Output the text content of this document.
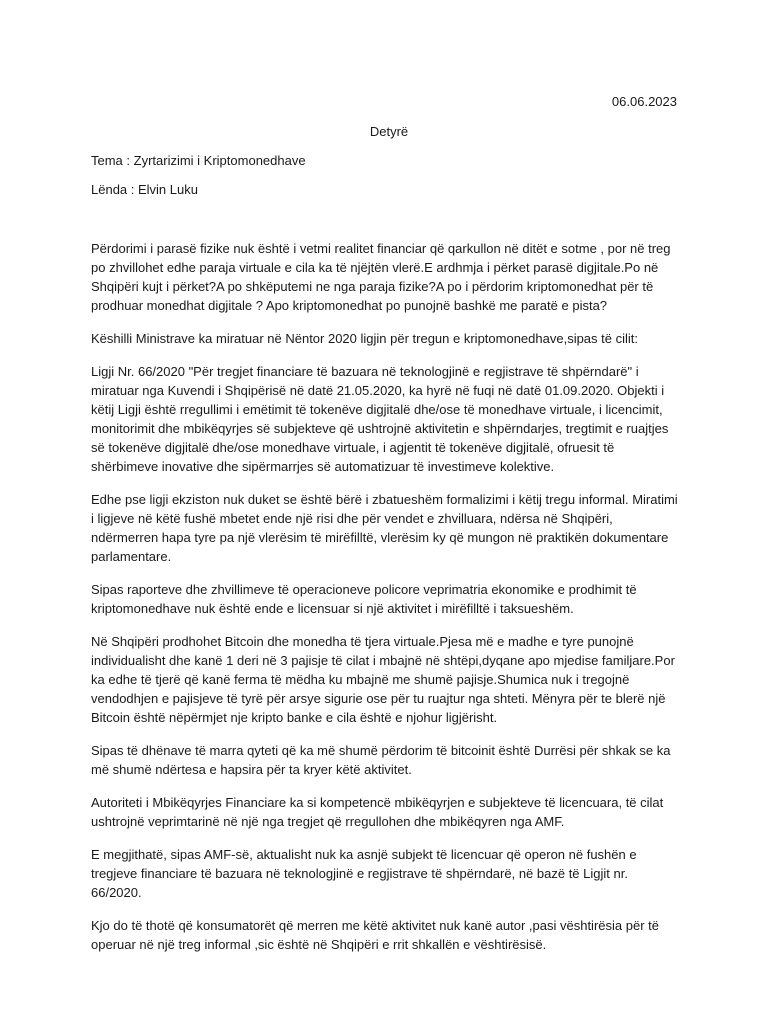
06.06.2023
Detyrë
Tema : Zyrtarizimi i Kriptomonedhave
Lënda : Elvin Luku

Përdorimi i parasë fizike nuk është i vetmi realitet financiar që qarkullon në ditët e sotme , por në treg po zhvillohet edhe paraja virtuale e cila ka të njëjtën vlerë.E ardhmja i përket parasë digjitale.Po në Shqipëri kujt i përket?A po shkëputemi ne nga paraja fizike?A po i përdorim kriptomonedhat për të prodhuar monedhat digjitale ? Apo kriptomonedhat po punojnë bashkë me paratë e pista?

Këshilli Ministrave ka miratuar në Nëntor 2020 ligjin për tregun e kriptomonedhave,sipas të cilit:

Ligji Nr. 66/2020 "Për tregjet financiare të bazuara në teknologjinë e regjistrave të shpërndarë" i miratuar nga Kuvendi i Shqipërisë në datë 21.05.2020, ka hyrë në fuqi në datë 01.09.2020. Objekti i këtij Ligji është rregullimi i emëtimit të tokenëve digjitalë dhe/ose të monedhave virtuale, i licencimit, monitorimit dhe mbikëqyrjes së subjekteve që ushtrojnë aktivitetin e shpërndarjes, tregtimit e ruajtjes së tokenëve digjitalë dhe/ose monedhave virtuale, i agjentit të tokenëve digjitalë, ofruesit të shërbimeve inovative dhe sipërmarrjes së automatizuar të investimeve kolektive.

Edhe pse ligji ekziston nuk duket se është bërë i zbatueshëm formalizimi i këtij tregu informal. Miratimi i ligjeve në këtë fushë mbetet ende një risi dhe për vendet e zhvilluara, ndërsa në Shqipëri, ndërmerren hapa tyre pa një vlerësim të mirëfilltë, vlerësim ky që mungon në praktikën dokumentare parlamentare.

Sipas raporteve dhe zhvillimeve të operacioneve policore veprimatria ekonomike e prodhimit të kriptomonedhave nuk është ende e licensuar si një aktivitet i mirëfilltë i taksueshëm.

Në Shqipëri prodhohet Bitcoin dhe monedha të tjera virtuale.Pjesa më e madhe e tyre punojnë individualisht dhe kanë 1 deri në 3 pajisje të cilat i mbajnë në shtëpi,dyqane apo mjedise familjare.Por ka edhe të tjerë që kanë ferma të mëdha ku mbajnë me shumë pajisje.Shumica nuk i tregojnë vendodhjen e pajisjeve të tyrë për arsye sigurie ose për tu ruajtur nga shteti. Mënyra për te blerë një Bitcoin është nëpërmjet nje kripto banke e cila është e njohur ligjërisht.

Sipas të dhënave të marra qyteti që ka më shumë përdorim të bitcoinit është Durrësi për shkak se ka më shumë ndërtesa e hapsira për ta kryer këtë aktivitet.

Autoriteti i Mbikëqyrjes Financiare ka si kompetencë mbikëqyrjen e subjekteve të licencuara, të cilat ushtrojnë veprimtarinë në një nga tregjet që rregullohen dhe mbikëqyren nga AMF.

E megjithatë, sipas AMF-së, aktualisht nuk ka asnjë subjekt të licencuar që operon në fushën e tregjeve financiare të bazuara në teknologjinë e regjistrave të shpërndarë, në bazë të Ligjit nr. 66/2020.

Kjo do të thotë që konsumatorët që merren me këtë aktivitet nuk kanë autor ,pasi vështirësia për të operuar në një treg informal ,sic është në Shqipëri e rrit shkallën e vështirësisë.
